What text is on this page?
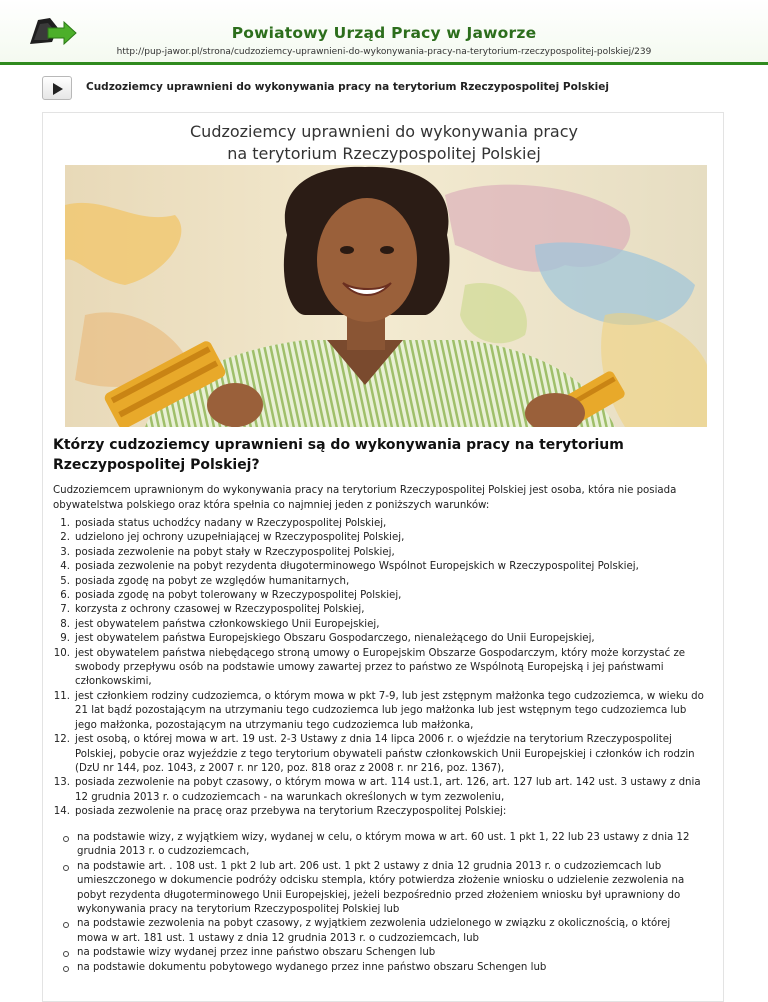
Powiatowy Urząd Pracy w Jaworze
http://pup-jawor.pl/strona/cudzoziemcy-uprawnieni-do-wykonywania-pracy-na-terytorium-rzeczypospolitej-polskiej/239
Cudzoziemcy uprawnieni do wykonywania pracy na terytorium Rzeczypospolitej Polskiej
Cudzoziemcy uprawnieni do wykonywania pracy
na terytorium Rzeczypospolitej Polskiej
Którzy cudzoziemcy uprawnieni są do wykonywania pracy na terytorium
Rzeczypospolitej Polskiej?
Cudzoziemcem uprawnionym do wykonywania pracy na terytorium Rzeczypospolitej Polskiej jest osoba, która nie posiada obywatelstwa polskiego oraz która spełnia co najmniej jeden z poniższych warunków:
1. posiada status uchodźcy nadany w Rzeczypospolitej Polskiej,
2. udzielono jej ochrony uzupełniającej w Rzeczypospolitej Polskiej,
3. posiada zezwolenie na pobyt stały w Rzeczypospolitej Polskiej,
4. posiada zezwolenie na pobyt rezydenta długoterminowego Wspólnot Europejskich w Rzeczypospolitej Polskiej,
5. posiada zgodę na pobyt ze względów humanitarnych,
6. posiada zgodę na pobyt tolerowany w Rzeczypospolitej Polskiej,
7. korzysta z ochrony czasowej w Rzeczypospolitej Polskiej,
8. jest obywatelem państwa członkowskiego Unii Europejskiej,
9. jest obywatelem państwa Europejskiego Obszaru Gospodarczego, nienależącego do Unii Europejskiej,
10. jest obywatelem państwa niebędącego stroną umowy o Europejskim Obszarze Gospodarczym, który może korzystać ze swobody przepływu osób na podstawie umowy zawartej przez to państwo ze Wspólnotą Europejską i jej państwami członkowskimi,
11. jest członkiem rodziny cudzoziemca, o którym mowa w pkt 7-9, lub jest zstępnym małżonka tego cudzoziemca, w wieku do 21 lat bądź pozostającym na utrzymaniu tego cudzoziemca lub jego małżonka lub jest wstępnym tego cudzoziemca lub jego małżonka, pozostającym na utrzymaniu tego cudzoziemca lub małżonka,
12. jest osobą, o której mowa w art. 19 ust. 2-3 Ustawy z dnia 14 lipca 2006 r. o wjeździe na terytorium Rzeczypospolitej Polskiej, pobycie oraz wyjeździe z tego terytorium obywateli państw członkowskich Unii Europejskiej i członków ich rodzin (DzU nr 144, poz. 1043, z 2007 r. nr 120, poz. 818 oraz z 2008 r. nr 216, poz. 1367),
13. posiada zezwolenie na pobyt czasowy, o którym mowa w art. 114 ust.1, art. 126, art. 127 lub art. 142 ust. 3 ustawy z dnia 12 grudnia 2013 r. o cudzoziemcach - na warunkach określonych w tym zezwoleniu,
14. posiada zezwolenie na pracę oraz przebywa na terytorium Rzeczypospolitej Polskiej:
na podstawie wizy, z wyjątkiem wizy, wydanej w celu, o którym mowa w art. 60 ust. 1 pkt 1, 22 lub 23 ustawy z dnia 12 grudnia 2013 r. o cudzoziemcach,
na podstawie art. . 108 ust. 1 pkt 2 lub art. 206 ust. 1 pkt 2 ustawy z dnia 12 grudnia 2013 r. o cudzoziemcach lub umieszczonego w dokumencie podróży odcisku stempla, który potwierdza złożenie wniosku o udzielenie zezwolenia na pobyt rezydenta długoterminowego Unii Europejskiej, jeżeli bezpośrednio przed złożeniem wniosku był uprawniony do wykonywania pracy na terytorium Rzeczypospolitej Polskiej lub
na podstawie zezwolenia na pobyt czasowy, z wyjątkiem zezwolenia udzielonego w związku z okolicznością, o której mowa w art. 181 ust. 1 ustawy z dnia 12 grudnia 2013 r. o cudzoziemcach, lub
na podstawie wizy wydanej przez inne państwo obszaru Schengen lub
na podstawie dokumentu pobytowego wydanego przez inne państwo obszaru Schengen lub
